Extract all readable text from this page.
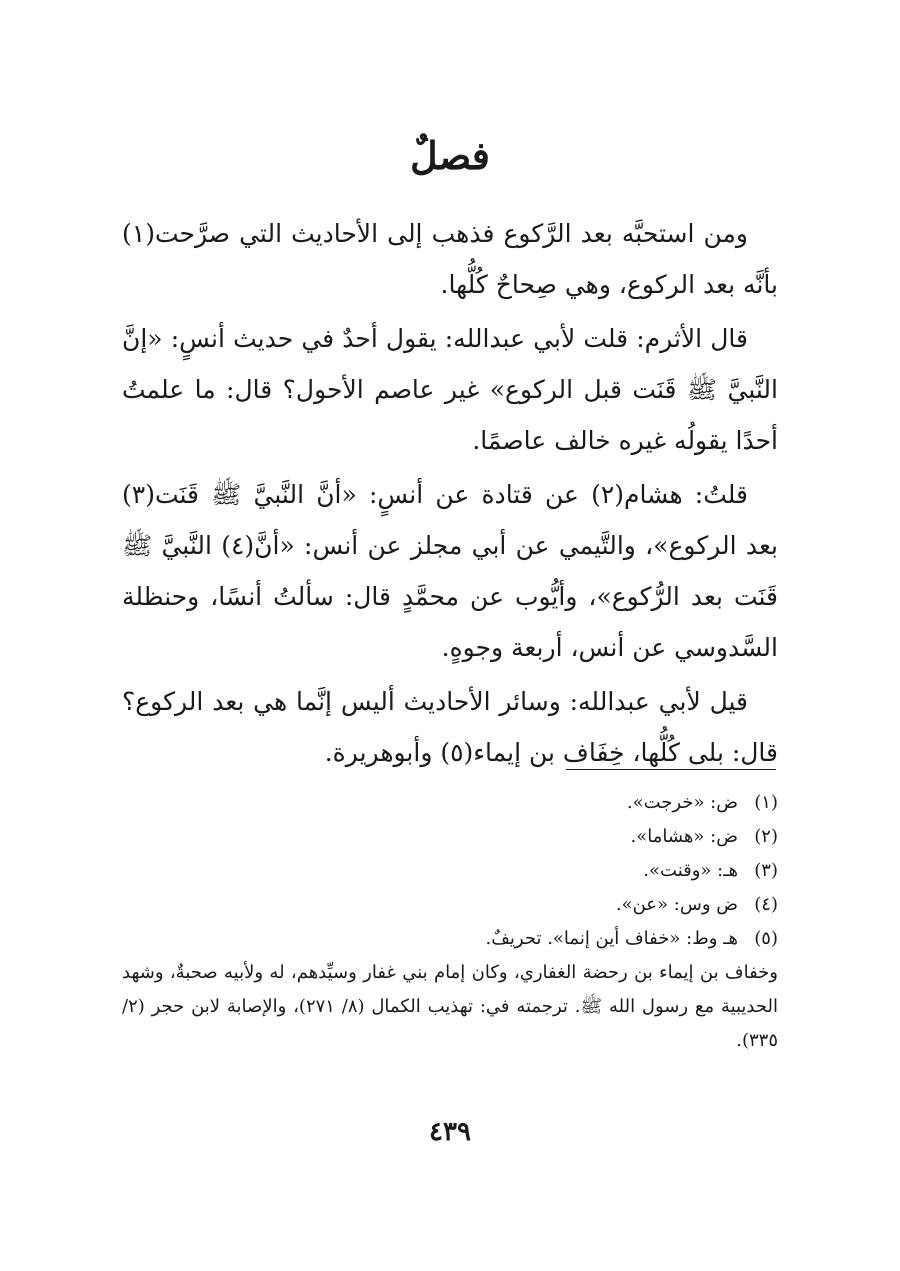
فصلٌ

ومن استحبَّه بعد الرَّكوع فذهب إلى الأحاديث التي صرَّحت(١) بأنَّه بعد الركوع، وهي صِحاحٌ كُلُّها.

قال الأثرم: قلت لأبي عبدالله: يقول أحدٌ في حديث أنسٍ: «إنَّ النَّبيَّ ﷺ قَنَت قبل الركوع» غير عاصم الأحول؟ قال: ما علمتُ أحدًا يقولُه غيره خالف عاصمًا.

قلتُ: هشام(٢) عن قتادة عن أنسٍ: «أنَّ النَّبيَّ ﷺ قَنَت(٣) بعد الركوع»، والتَّيمي عن أبي مجلز عن أنس: «أنَّ(٤) النَّبيَّ ﷺ قَنَت بعد الرُّكوع»، وأيُّوب عن محمَّدٍ قال: سألتُ أنسًا، وحنظلة السَّدوسي عن أنس، أربعة وجوهٍ.

قيل لأبي عبدالله: وسائر الأحاديث أليس إنَّما هي بعد الركوع؟ قال: بلى كُلُّها، خِفَاف بن إيماء(٥) وأبوهريرة.

(١)
ض: «خرجت».
(٢)
ض: «هشاما».
(٣)
هـ: «وقنت».
(٤)
ض وس: «عن».
(٥)
هـ وط: «خفاف أين إنما». تحريفٌ.
وخفاف بن إيماء بن رحضة الغفاري، وكان إمام بني غفار وسيِّدهم، له ولأبيه صحبةٌ، وشهد الحديبية مع رسول الله ﷺ. ترجمته في: تهذيب الكمال (٨/ ٢٧١)، والإصابة لابن حجر (٢/ ٣٣٥).
٤٣٩
